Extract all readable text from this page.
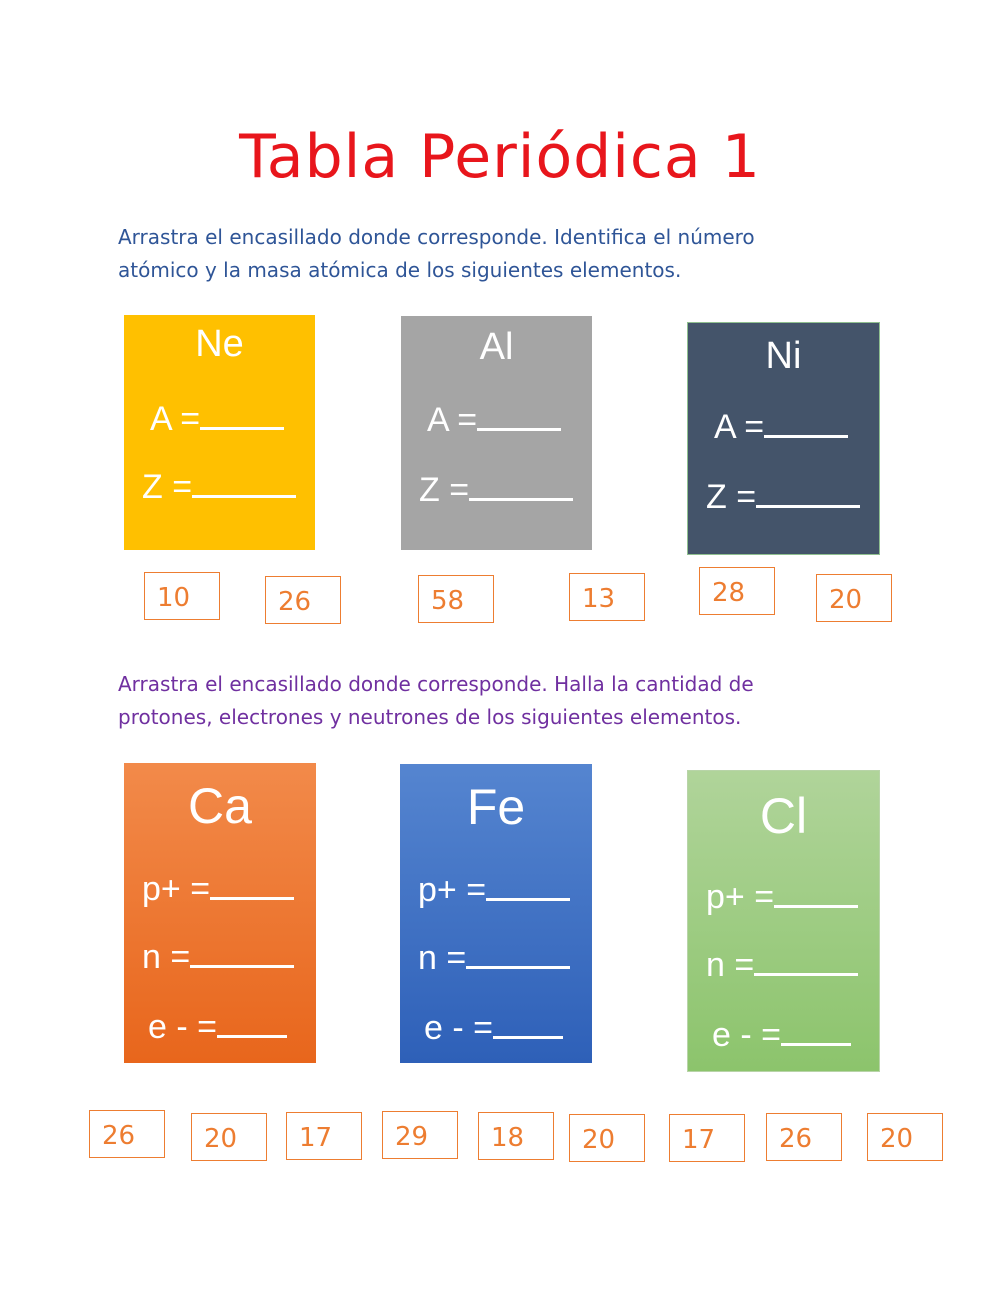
Tabla Periódica 1
Arrastra el encasillado donde corresponde. Identifica el número atómico y la masa atómica de los siguientes elementos.
Ne
A =
Z =
Al
A =
Z =
Ni
A =
Z =
10	26	58	13	28	20
Arrastra el encasillado donde corresponde. Halla la cantidad de protones, electrones y neutrones de los siguientes elementos.
Ca
p+ =
n =
e - =
Fe
p+ =
n =
e - =
Cl
p+ =
n =
e - =
26	20	17	29	18	20	17	26	20
